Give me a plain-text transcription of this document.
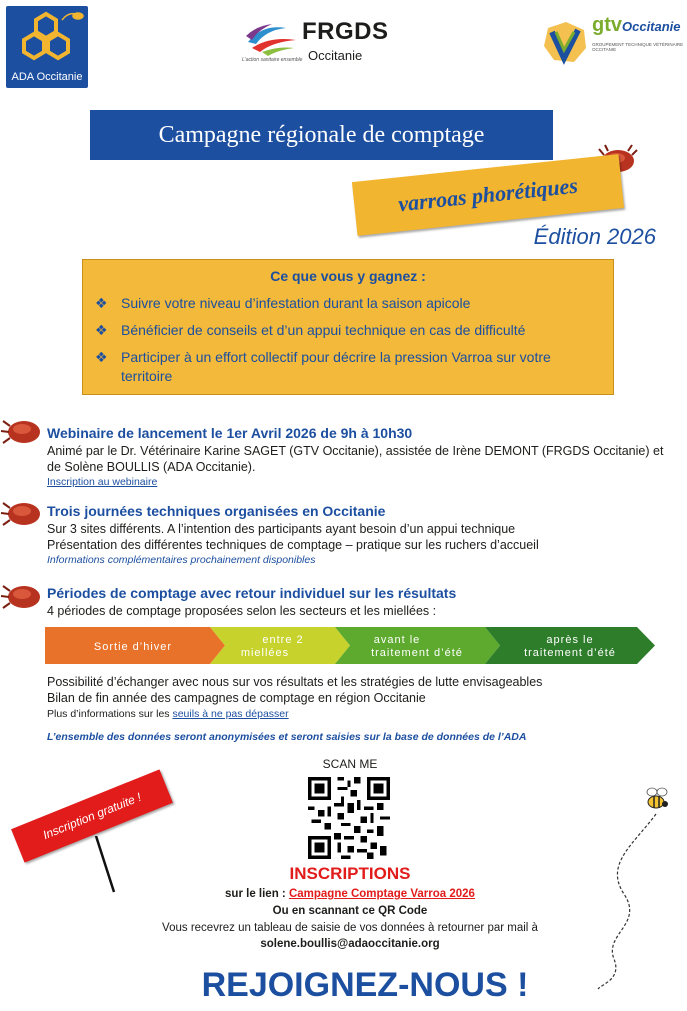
ADA Occitanie
FRGDS
Occitanie
L'action sanitaire ensemble
gtvOccitanie
GROUPEMENT TECHNIQUE VÉTÉRINAIRE OCCITANIE
Campagne régionale de comptage
varroas phorétiques
Édition 2026
Ce que vous y gagnez :
❖ Suivre votre niveau d’infestation durant la saison apicole
❖ Bénéficier de conseils et d’un appui technique en cas de difficulté
❖ Participer à un effort collectif pour décrire la pression Varroa sur votre territoire
Webinaire de lancement le 1er Avril 2026 de 9h à 10h30
Animé par le Dr. Vétérinaire Karine SAGET (GTV Occitanie), assistée de Irène DEMONT (FRGDS Occitanie) et de Solène BOULLIS (ADA Occitanie).
Inscription au webinaire
Trois journées techniques organisées en Occitanie
Sur 3 sites différents. A l’intention des participants ayant besoin d’un appui technique
Présentation des différentes techniques de comptage – pratique sur les ruchers d’accueil
Informations complémentaires prochainement disponibles
Périodes de comptage avec retour individuel sur les résultats
4 périodes de comptage proposées selon les secteurs et les miellées :
Sortie d’hiver
entre 2
miellées
avant le
traitement d’été
après le
traitement d’été
Possibilité d’échanger avec nous sur vos résultats et les stratégies de lutte envisageables
Bilan de fin année des campagnes de comptage en région Occitanie
Plus d’informations sur les seuils à ne pas dépasser
L’ensemble des données seront anonymisées et seront saisies sur la base de données de l’ADA
SCAN ME
Inscription gratuite !
INSCRIPTIONS
sur le lien : Campagne Comptage Varroa 2026
Ou en scannant ce QR Code
Vous recevrez un tableau de saisie de vos données à retourner par mail à
solene.boullis@adaoccitanie.org
REJOIGNEZ-NOUS !
